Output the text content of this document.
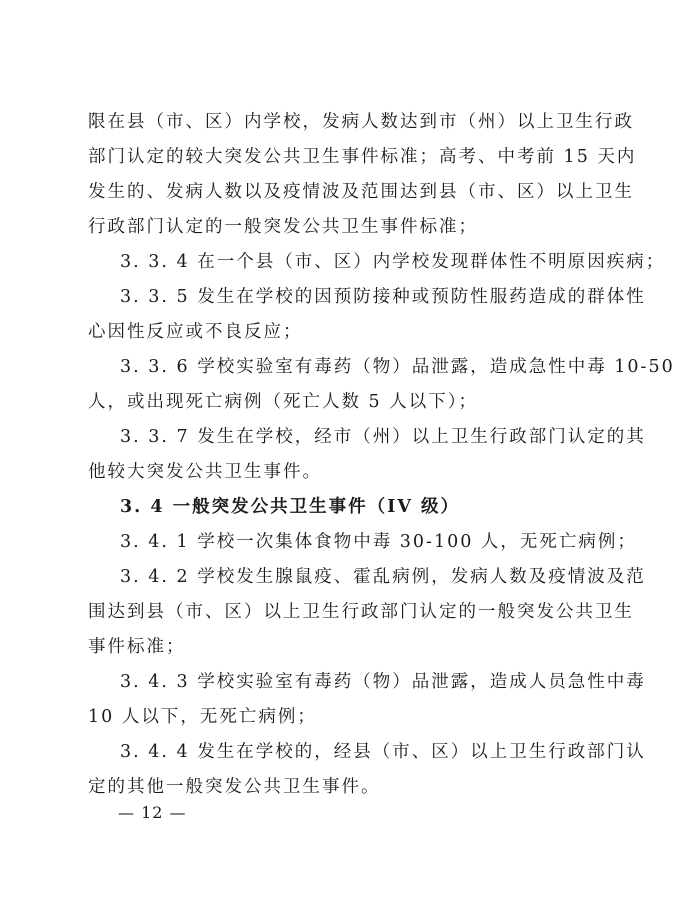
限在县（市、区）内学校，发病人数达到市（州）以上卫生行政
部门认定的较大突发公共卫生事件标准；高考、中考前 15 天内
发生的、发病人数以及疫情波及范围达到县（市、区）以上卫生
行政部门认定的一般突发公共卫生事件标准；
3. 3. 4 在一个县（市、区）内学校发现群体性不明原因疾病；
3. 3. 5 发生在学校的因预防接种或预防性服药造成的群体性
心因性反应或不良反应；
3. 3. 6 学校实验室有毒药（物）品泄露，造成急性中毒 10-50
人，或出现死亡病例（死亡人数 5 人以下）；
3. 3. 7 发生在学校，经市（州）以上卫生行政部门认定的其
他较大突发公共卫生事件。
3. 4 一般突发公共卫生事件（IV 级）
3. 4. 1 学校一次集体食物中毒 30-100 人，无死亡病例；
3. 4. 2 学校发生腺鼠疫、霍乱病例，发病人数及疫情波及范
围达到县（市、区）以上卫生行政部门认定的一般突发公共卫生
事件标准；
3. 4. 3 学校实验室有毒药（物）品泄露，造成人员急性中毒
10 人以下，无死亡病例；
3. 4. 4 发生在学校的，经县（市、区）以上卫生行政部门认
定的其他一般突发公共卫生事件。
— 12 —
